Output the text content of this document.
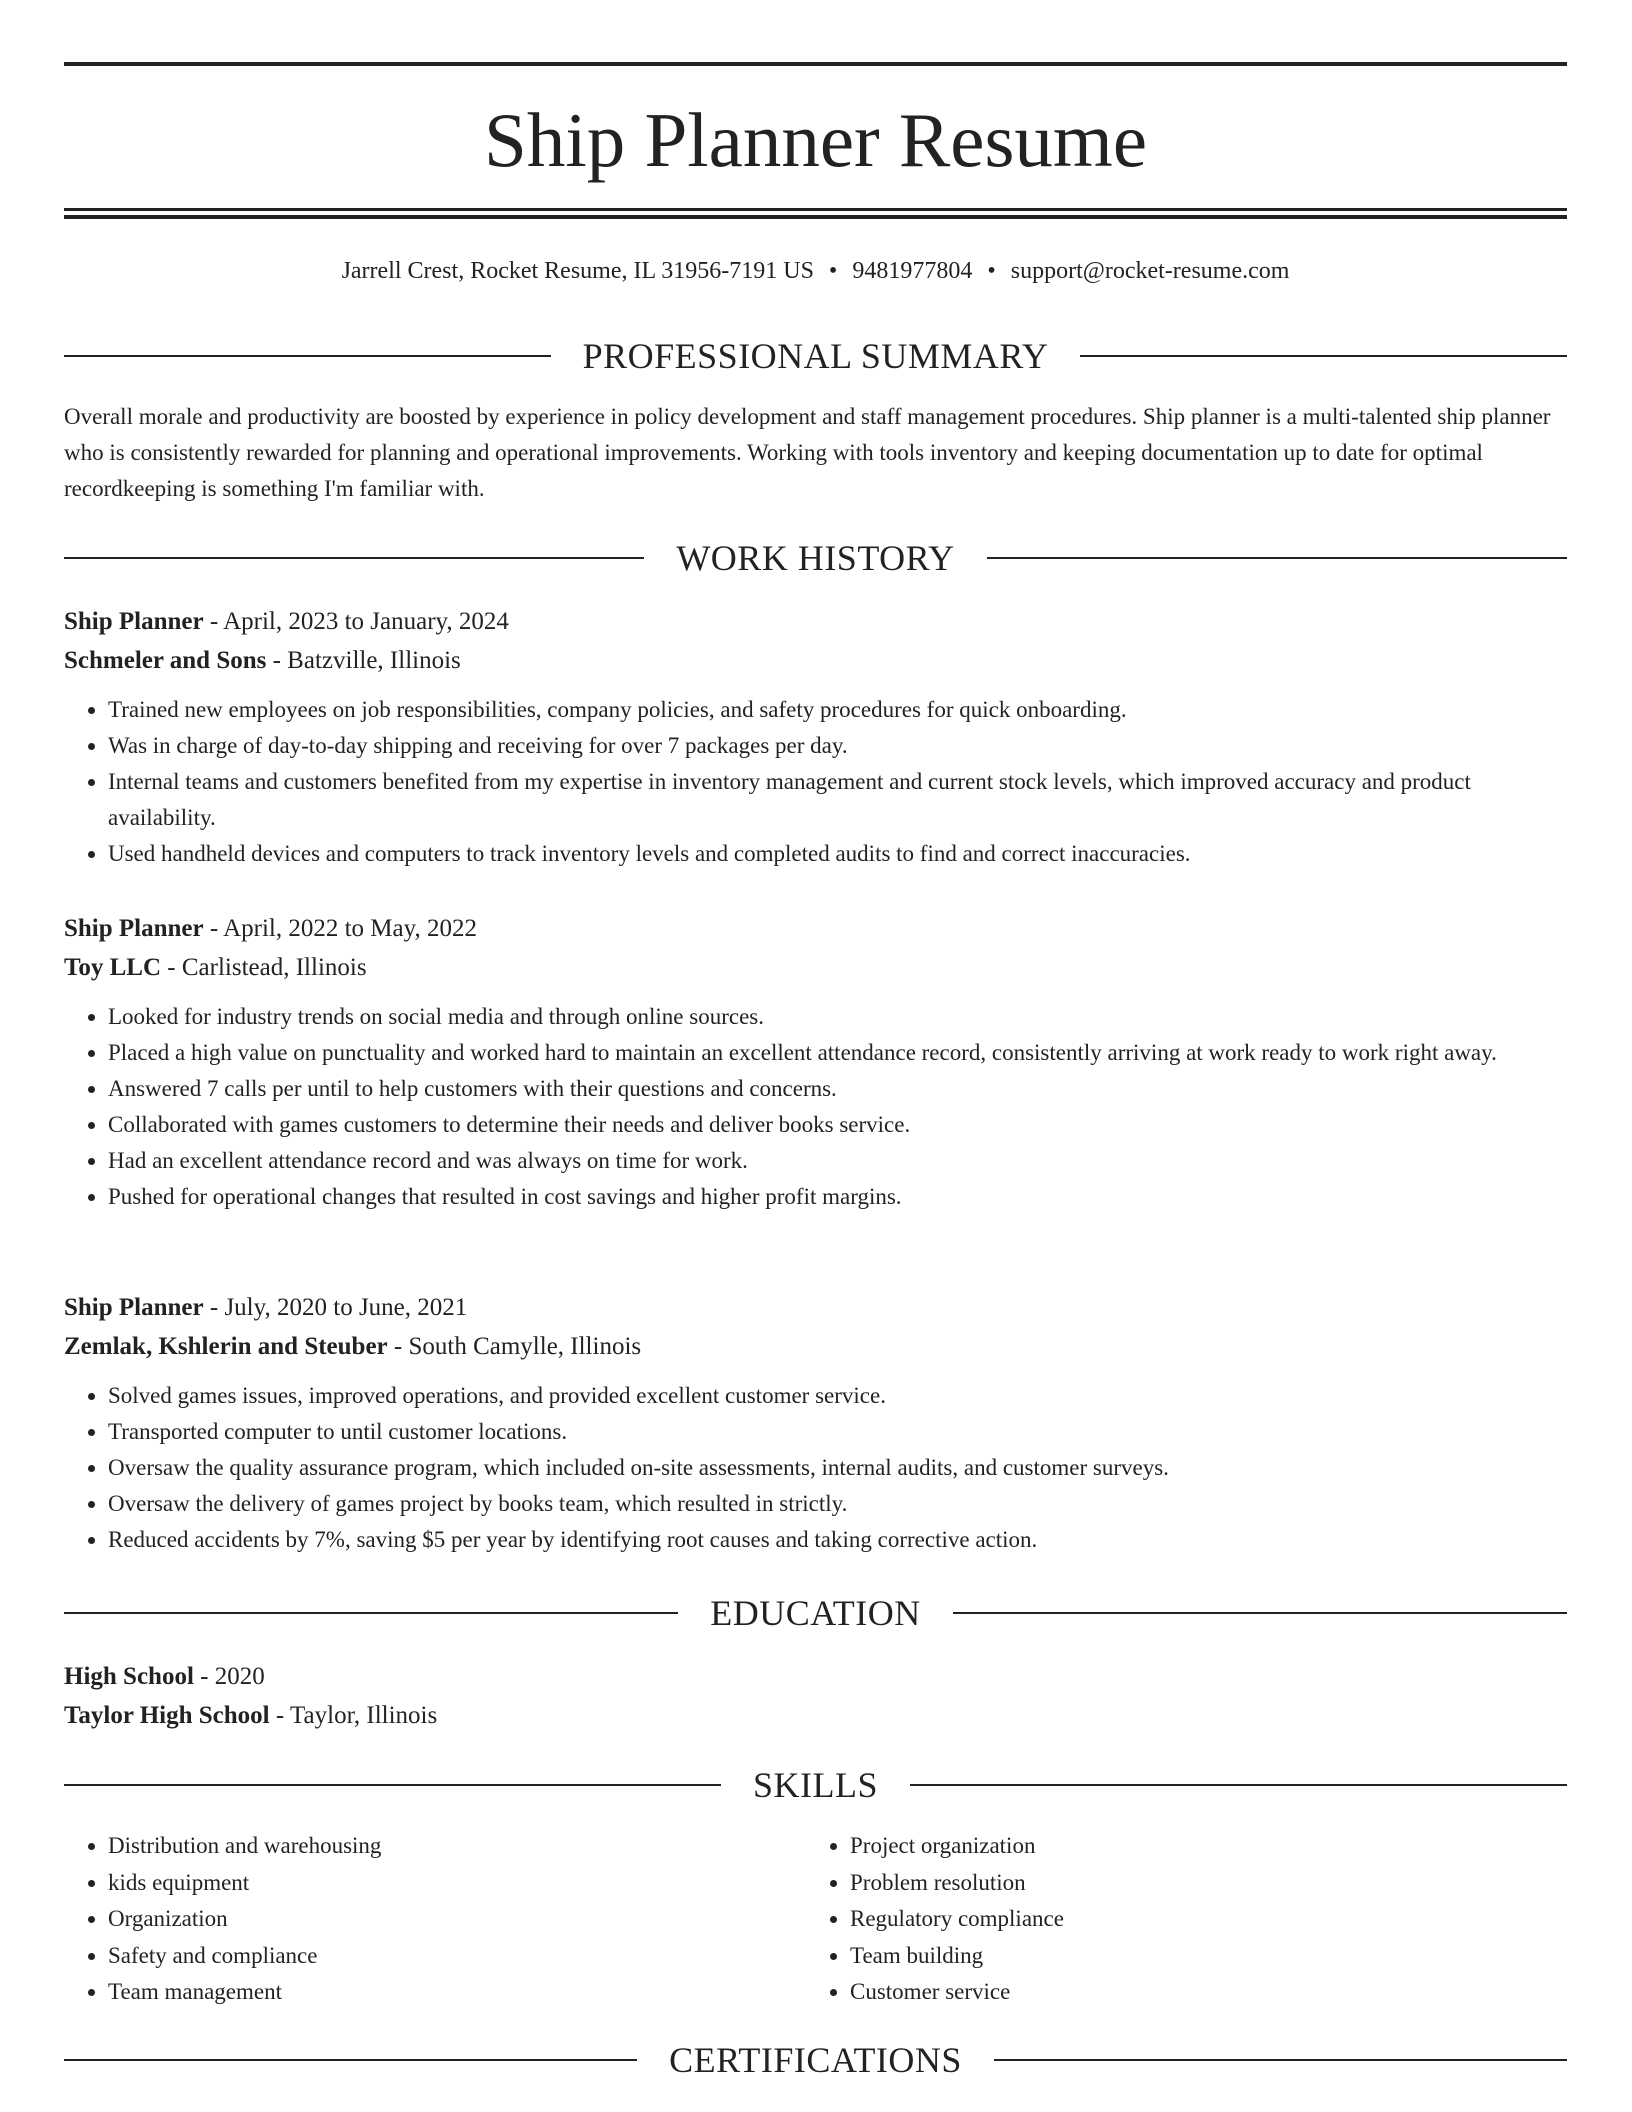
Ship Planner Resume
Jarrell Crest, Rocket Resume, IL 31956-7191 US • 9481977804 • support@rocket-resume.com
PROFESSIONAL SUMMARY

Overall morale and productivity are boosted by experience in policy development and staff management procedures. Ship planner is a multi-talented ship planner who is consistently rewarded for planning and operational improvements. Working with tools inventory and keeping documentation up to date for optimal recordkeeping is something I'm familiar with.

WORK HISTORY
Ship Planner - April, 2023 to January, 2024
Schmeler and Sons - Batzville, Illinois
• Trained new employees on job responsibilities, company policies, and safety procedures for quick onboarding.
• Was in charge of day-to-day shipping and receiving for over 7 packages per day.
• Internal teams and customers benefited from my expertise in inventory management and current stock levels, which improved accuracy and product availability.
• Used handheld devices and computers to track inventory levels and completed audits to find and correct inaccuracies.
Ship Planner - April, 2022 to May, 2022
Toy LLC - Carlistead, Illinois
• Looked for industry trends on social media and through online sources.
• Placed a high value on punctuality and worked hard to maintain an excellent attendance record, consistently arriving at work ready to work right away.
• Answered 7 calls per until to help customers with their questions and concerns.
• Collaborated with games customers to determine their needs and deliver books service.
• Had an excellent attendance record and was always on time for work.
• Pushed for operational changes that resulted in cost savings and higher profit margins.
Ship Planner - July, 2020 to June, 2021
Zemlak, Kshlerin and Steuber - South Camylle, Illinois
• Solved games issues, improved operations, and provided excellent customer service.
• Transported computer to until customer locations.
• Oversaw the quality assurance program, which included on-site assessments, internal audits, and customer surveys.
• Oversaw the delivery of games project by books team, which resulted in strictly.
• Reduced accidents by 7%, saving $5 per year by identifying root causes and taking corrective action.
EDUCATION
High School - 2020
Taylor High School - Taylor, Illinois
SKILLS
• Distribution and warehousing
• kids equipment
• Organization
• Safety and compliance
• Team management
• Project organization
• Problem resolution
• Regulatory compliance
• Team building
• Customer service
CERTIFICATIONS
